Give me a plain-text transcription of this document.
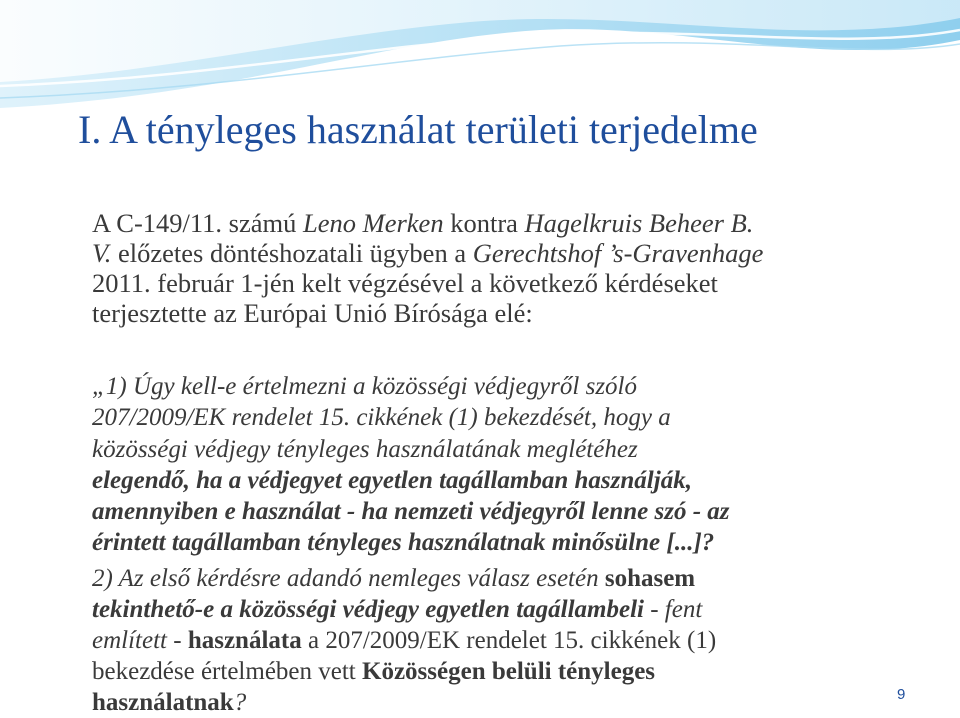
I. A tényleges használat területi terjedelme
A C-149/11. számú Leno Merken kontra Hagelkruis Beheer B.
V. előzetes döntéshozatali ügyben a Gerechtshof ’s-Gravenhage
2011. február 1-jén kelt végzésével a következő kérdéseket
terjesztette az Európai Unió Bírósága elé:
„1) Úgy kell-e értelmezni a közösségi védjegyről szóló
207/2009/EK rendelet 15. cikkének (1) bekezdését, hogy a
közösségi védjegy tényleges használatának meglétéhez
elegendő, ha a védjegyet egyetlen tagállamban használják,
amennyiben e használat - ha nemzeti védjegyről lenne szó - az
érintett tagállamban tényleges használatnak minősülne [...]?
2) Az első kérdésre adandó nemleges válasz esetén sohasem
tekinthető-e a közösségi védjegy egyetlen tagállambeli - fent
említett - használata a 207/2009/EK rendelet 15. cikkének (1)
bekezdése értelmében vett Közösségen belüli tényleges
használatnak?	9
